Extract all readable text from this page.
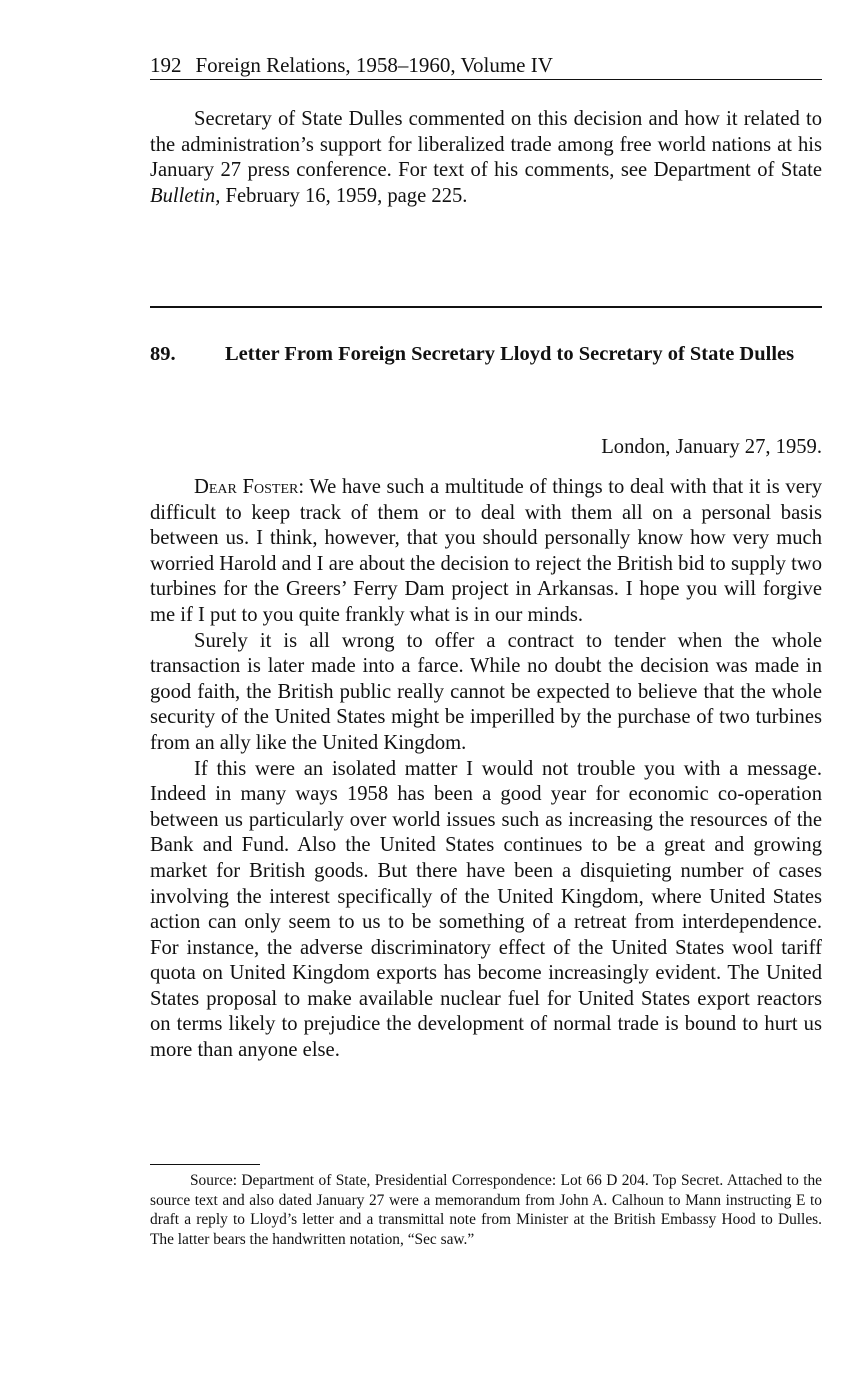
192 Foreign Relations, 1958–1960, Volume IV

Secretary of State Dulles commented on this decision and how it related to the administration’s support for liberalized trade among free world nations at his January 27 press conference. For text of his comments, see Department of State Bulletin, February 16, 1959, page 225.

89. Letter From Foreign Secretary Lloyd to Secretary of State Dulles
London, January 27, 1959.

Dear Foster: We have such a multitude of things to deal with that it is very difficult to keep track of them or to deal with them all on a personal basis between us. I think, however, that you should personally know how very much worried Harold and I are about the decision to reject the British bid to supply two turbines for the Greers’ Ferry Dam project in Arkansas. I hope you will forgive me if I put to you quite frankly what is in our minds.

Surely it is all wrong to offer a contract to tender when the whole transaction is later made into a farce. While no doubt the decision was made in good faith, the British public really cannot be expected to believe that the whole security of the United States might be imperilled by the purchase of two turbines from an ally like the United Kingdom.

If this were an isolated matter I would not trouble you with a message. Indeed in many ways 1958 has been a good year for economic co-operation between us particularly over world issues such as increasing the resources of the Bank and Fund. Also the United States continues to be a great and growing market for British goods. But there have been a disquieting number of cases involving the interest specifically of the United Kingdom, where United States action can only seem to us to be something of a retreat from interdependence. For instance, the adverse discriminatory effect of the United States wool tariff quota on United Kingdom exports has become increasingly evident. The United States proposal to make available nuclear fuel for United States export reactors on terms likely to prejudice the development of normal trade is bound to hurt us more than anyone else.

Source: Department of State, Presidential Correspondence: Lot 66 D 204. Top Secret. Attached to the source text and also dated January 27 were a memorandum from John A. Calhoun to Mann instructing E to draft a reply to Lloyd’s letter and a transmittal note from Minister at the British Embassy Hood to Dulles. The latter bears the handwritten notation, “Sec saw.”
